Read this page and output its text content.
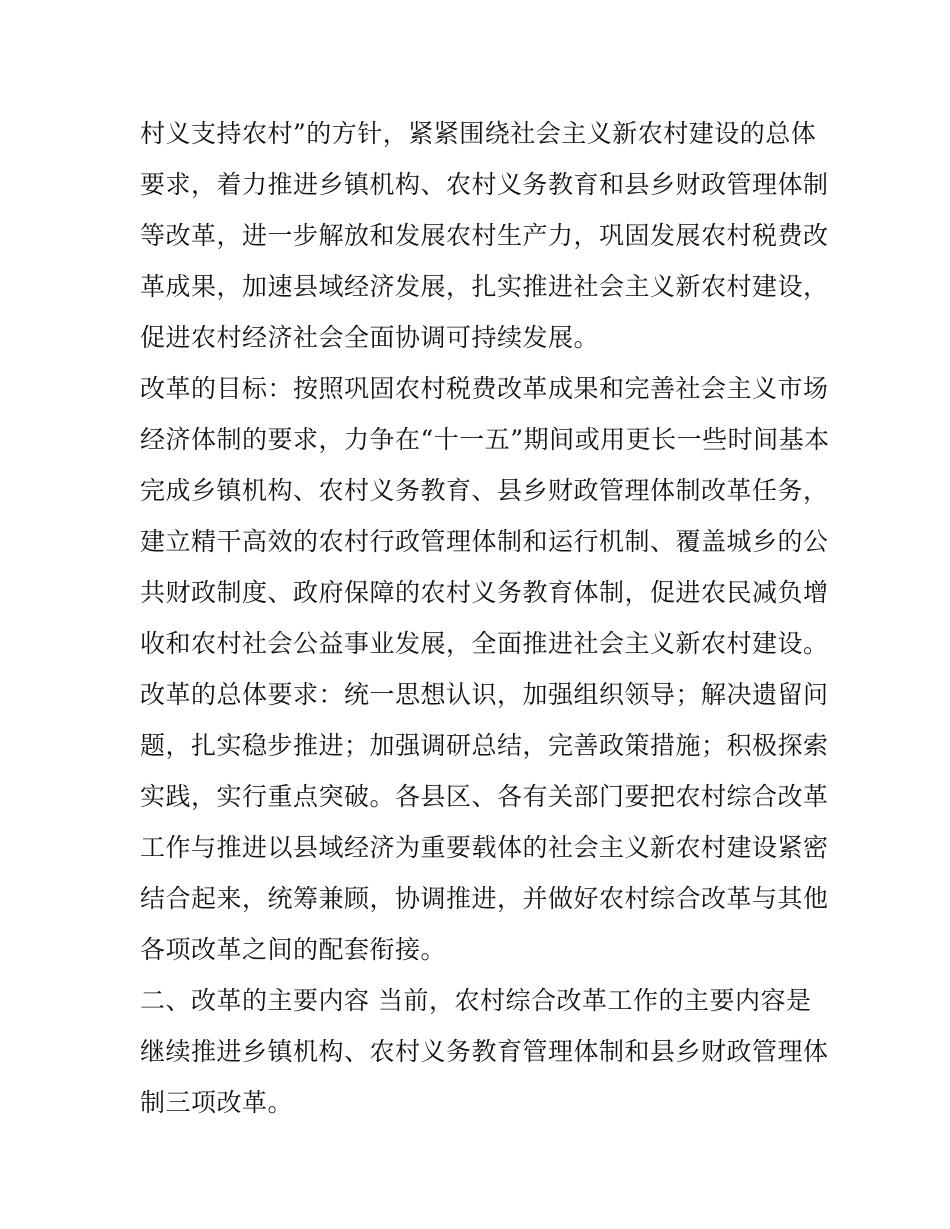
村义支持农村”的方针，紧紧围绕社会主义新农村建设的总体
要求，着力推进乡镇机构、农村义务教育和县乡财政管理体制
等改革，进一步解放和发展农村生产力，巩固发展农村税费改
革成果，加速县域经济发展，扎实推进社会主义新农村建设，
促进农村经济社会全面协调可持续发展。
改革的目标：按照巩固农村税费改革成果和完善社会主义市场
经济体制的要求，力争在“十一五”期间或用更长一些时间基本
完成乡镇机构、农村义务教育、县乡财政管理体制改革任务，
建立精干高效的农村行政管理体制和运行机制、覆盖城乡的公
共财政制度、政府保障的农村义务教育体制，促进农民减负增
收和农村社会公益事业发展，全面推进社会主义新农村建设。
改革的总体要求：统一思想认识，加强组织领导；解决遗留问
题，扎实稳步推进；加强调研总结，完善政策措施；积极探索
实践，实行重点突破。各县区、各有关部门要把农村综合改革
工作与推进以县域经济为重要载体的社会主义新农村建设紧密
结合起来，统筹兼顾，协调推进，并做好农村综合改革与其他
各项改革之间的配套衔接。
二、改革的主要内容 当前，农村综合改革工作的主要内容是
继续推进乡镇机构、农村义务教育管理体制和县乡财政管理体
制三项改革。
